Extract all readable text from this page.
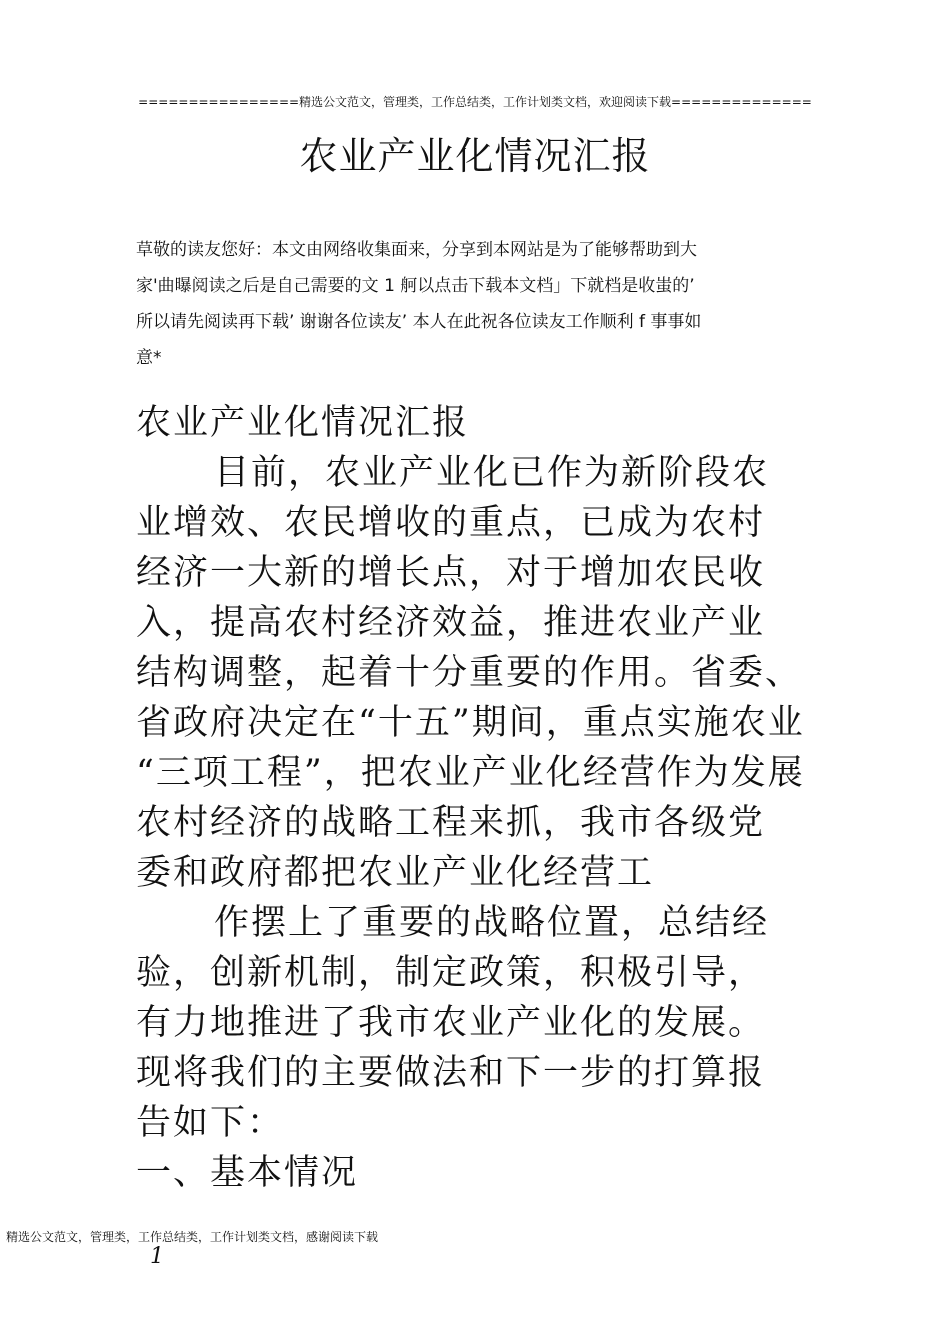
================精选公文范文，管理类，工作总结类，工作计划类文档，欢迎阅读下载==============
农业产业化情况汇报

草敬的读友您好：本文由网络收集面来，分享到本网站是为了能够帮助到大

家'曲曝阅读之后是自己需要的文 1 舸以点击下载本文档」下就档是收蚩的’

所以请先阅读再下载’ 谢谢各位读友’ 本人在此祝各位读友工作顺利 f 事事如

意*

农业产业化情况汇报

目前，农业产业化已作为新阶段农

业增效、农民增收的重点，已成为农村

经济一大新的增长点，对于增加农民收

入，提高农村经济效益，推进农业产业

结构调整，起着十分重要的作用。省委、

省政府决定在“十五”期间，重点实施农业

“三项工程”，把农业产业化经营作为发展

农村经济的战略工程来抓，我市各级党

委和政府都把农业产业化经营工

作摆上了重要的战略位置，总结经

验，创新机制，制定政策，积极引导，

有力地推进了我市农业产业化的发展。

现将我们的主要做法和下一步的打算报

告如下：

一、基本情况

精选公文范文，管理类，工作总结类，工作计划类文档，感谢阅读下载
1
